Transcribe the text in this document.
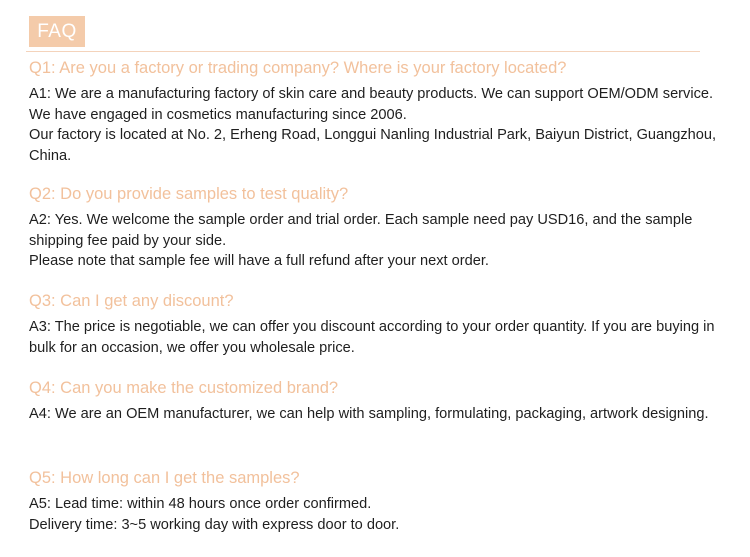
FAQ
Q1: Are you a factory or trading company? Where is your factory located?

A1: We are a manufacturing factory of skin care and beauty products. We can support OEM/ODM service. We have engaged in cosmetics manufacturing since 2006.

Our factory is located at No. 2, Erheng Road, Longgui Nanling Industrial Park, Baiyun District, Guangzhou, China.

Q2: Do you provide samples to test quality?

A2: Yes. We welcome the sample order and trial order. Each sample need pay USD16, and the sample shipping fee paid by your side.

Please note that sample fee will have a full refund after your next order.

Q3: Can I get any discount?

A3: The price is negotiable, we can offer you discount according to your order quantity. If you are buying in bulk for an occasion, we offer you wholesale price.

Q4: Can you make the customized brand?

A4: We are an OEM manufacturer, we can help with sampling, formulating, packaging, artwork designing.

Q5: How long can I get the samples?

A5: Lead time: within 48 hours once order confirmed.

Delivery time: 3~5 working day with express door to door.
